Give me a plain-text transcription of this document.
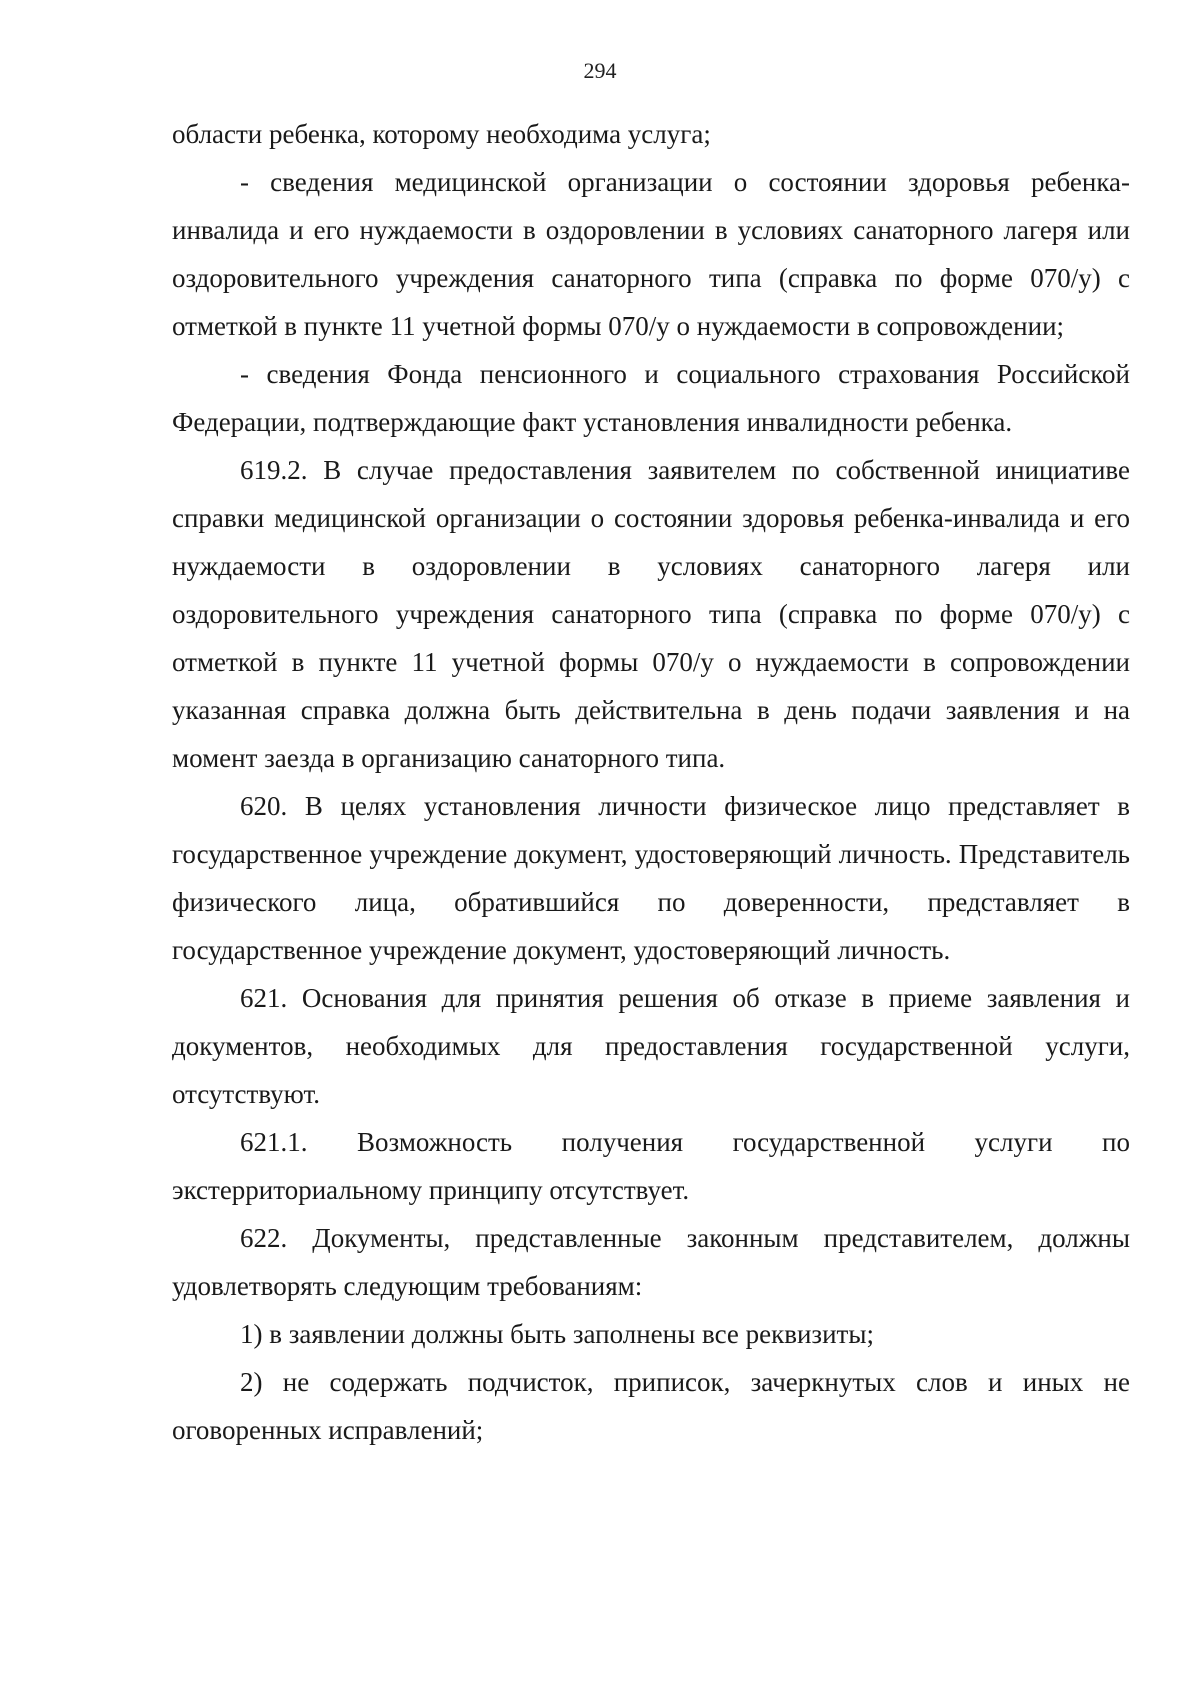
294

области ребенка, которому необходима услуга;

- сведения медицинской организации о состоянии здоровья ребенка-инвалида и его нуждаемости в оздоровлении в условиях санаторного лагеря или оздоровительного учреждения санаторного типа (справка по форме 070/у) с отметкой в пункте 11 учетной формы 070/у о нуждаемости в сопровождении;

- сведения Фонда пенсионного и социального страхования Российской Федерации, подтверждающие факт установления инвалидности ребенка.

619.2. В случае предоставления заявителем по собственной инициативе справки медицинской организации о состоянии здоровья ребенка-инвалида и его нуждаемости в оздоровлении в условиях санаторного лагеря или оздоровительного учреждения санаторного типа (справка по форме 070/у) с отметкой в пункте 11 учетной формы 070/у о нуждаемости в сопровождении указанная справка должна быть действительна в день подачи заявления и на момент заезда в организацию санаторного типа.

620. В целях установления личности физическое лицо представляет в государственное учреждение документ, удостоверяющий личность. Представитель физического лица, обратившийся по доверенности, представляет в государственное учреждение документ, удостоверяющий личность.

621. Основания для принятия решения об отказе в приеме заявления и документов, необходимых для предоставления государственной услуги, отсутствуют.

621.1. Возможность получения государственной услуги по экстерриториальному принципу отсутствует.

622. Документы, представленные законным представителем, должны удовлетворять следующим требованиям:

1) в заявлении должны быть заполнены все реквизиты;

2) не содержать подчисток, приписок, зачеркнутых слов и иных не оговоренных исправлений;
